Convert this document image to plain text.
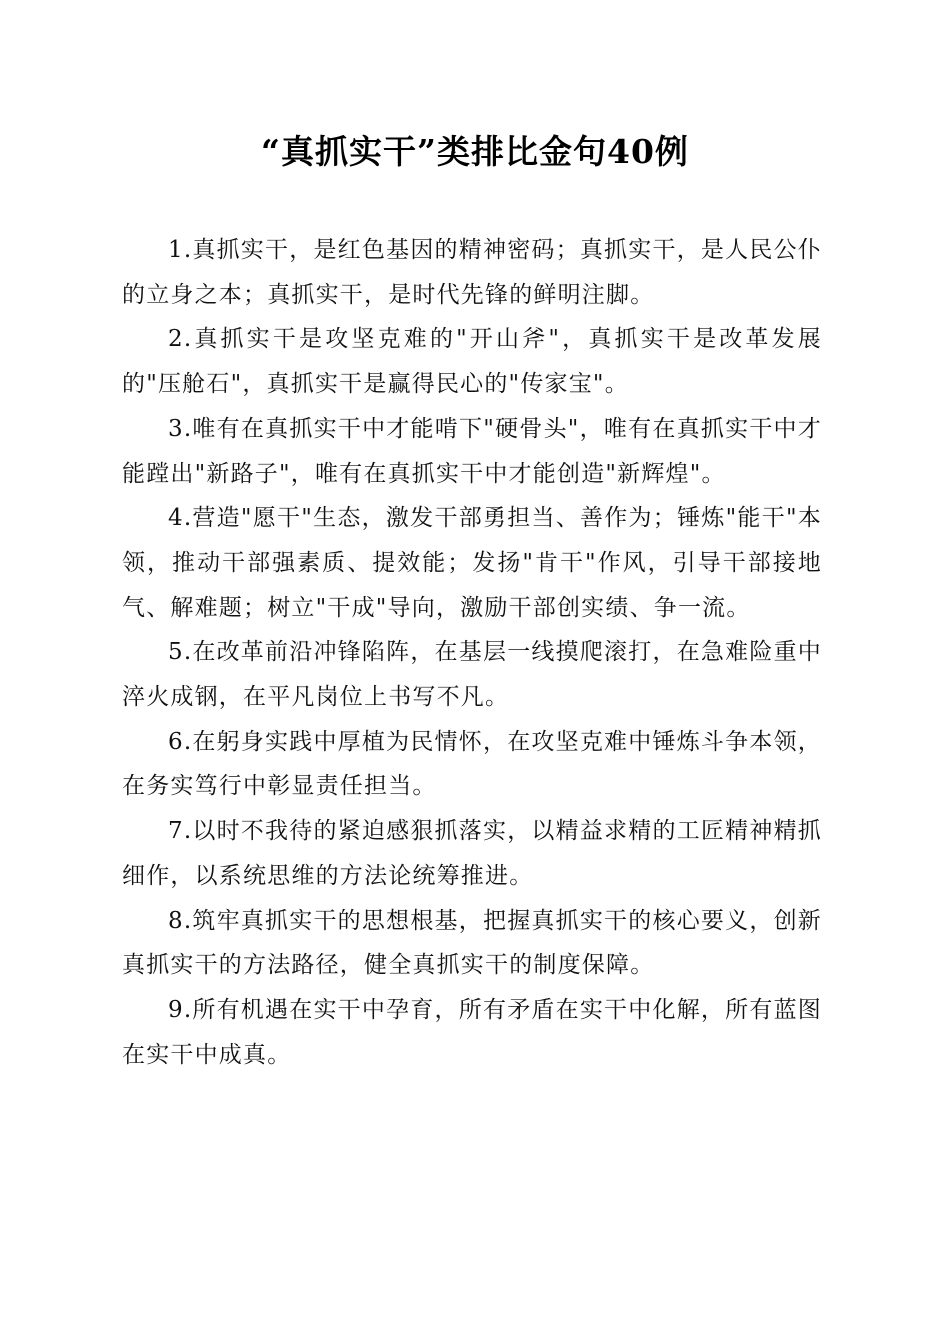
“真抓实干”类排比金句40例

1.真抓实干，是红色基因的精神密码；真抓实干，是人民公仆的立身之本；真抓实干，是时代先锋的鲜明注脚。

2.真抓实干是攻坚克难的"开山斧"，真抓实干是改革发展的"压舱石"，真抓实干是赢得民心的"传家宝"。

3.唯有在真抓实干中才能啃下"硬骨头"，唯有在真抓实干中才能蹚出"新路子"，唯有在真抓实干中才能创造"新辉煌"。

4.营造"愿干"生态，激发干部勇担当、善作为；锤炼"能干"本领，推动干部强素质、提效能；发扬"肯干"作风，引导干部接地气、解难题；树立"干成"导向，激励干部创实绩、争一流。

5.在改革前沿冲锋陷阵，在基层一线摸爬滚打，在急难险重中淬火成钢，在平凡岗位上书写不凡。

6.在躬身实践中厚植为民情怀，在攻坚克难中锤炼斗争本领，在务实笃行中彰显责任担当。

7.以时不我待的紧迫感狠抓落实，以精益求精的工匠精神精抓细作，以系统思维的方法论统筹推进。

8.筑牢真抓实干的思想根基，把握真抓实干的核心要义，创新真抓实干的方法路径，健全真抓实干的制度保障。

9.所有机遇在实干中孕育，所有矛盾在实干中化解，所有蓝图在实干中成真。
